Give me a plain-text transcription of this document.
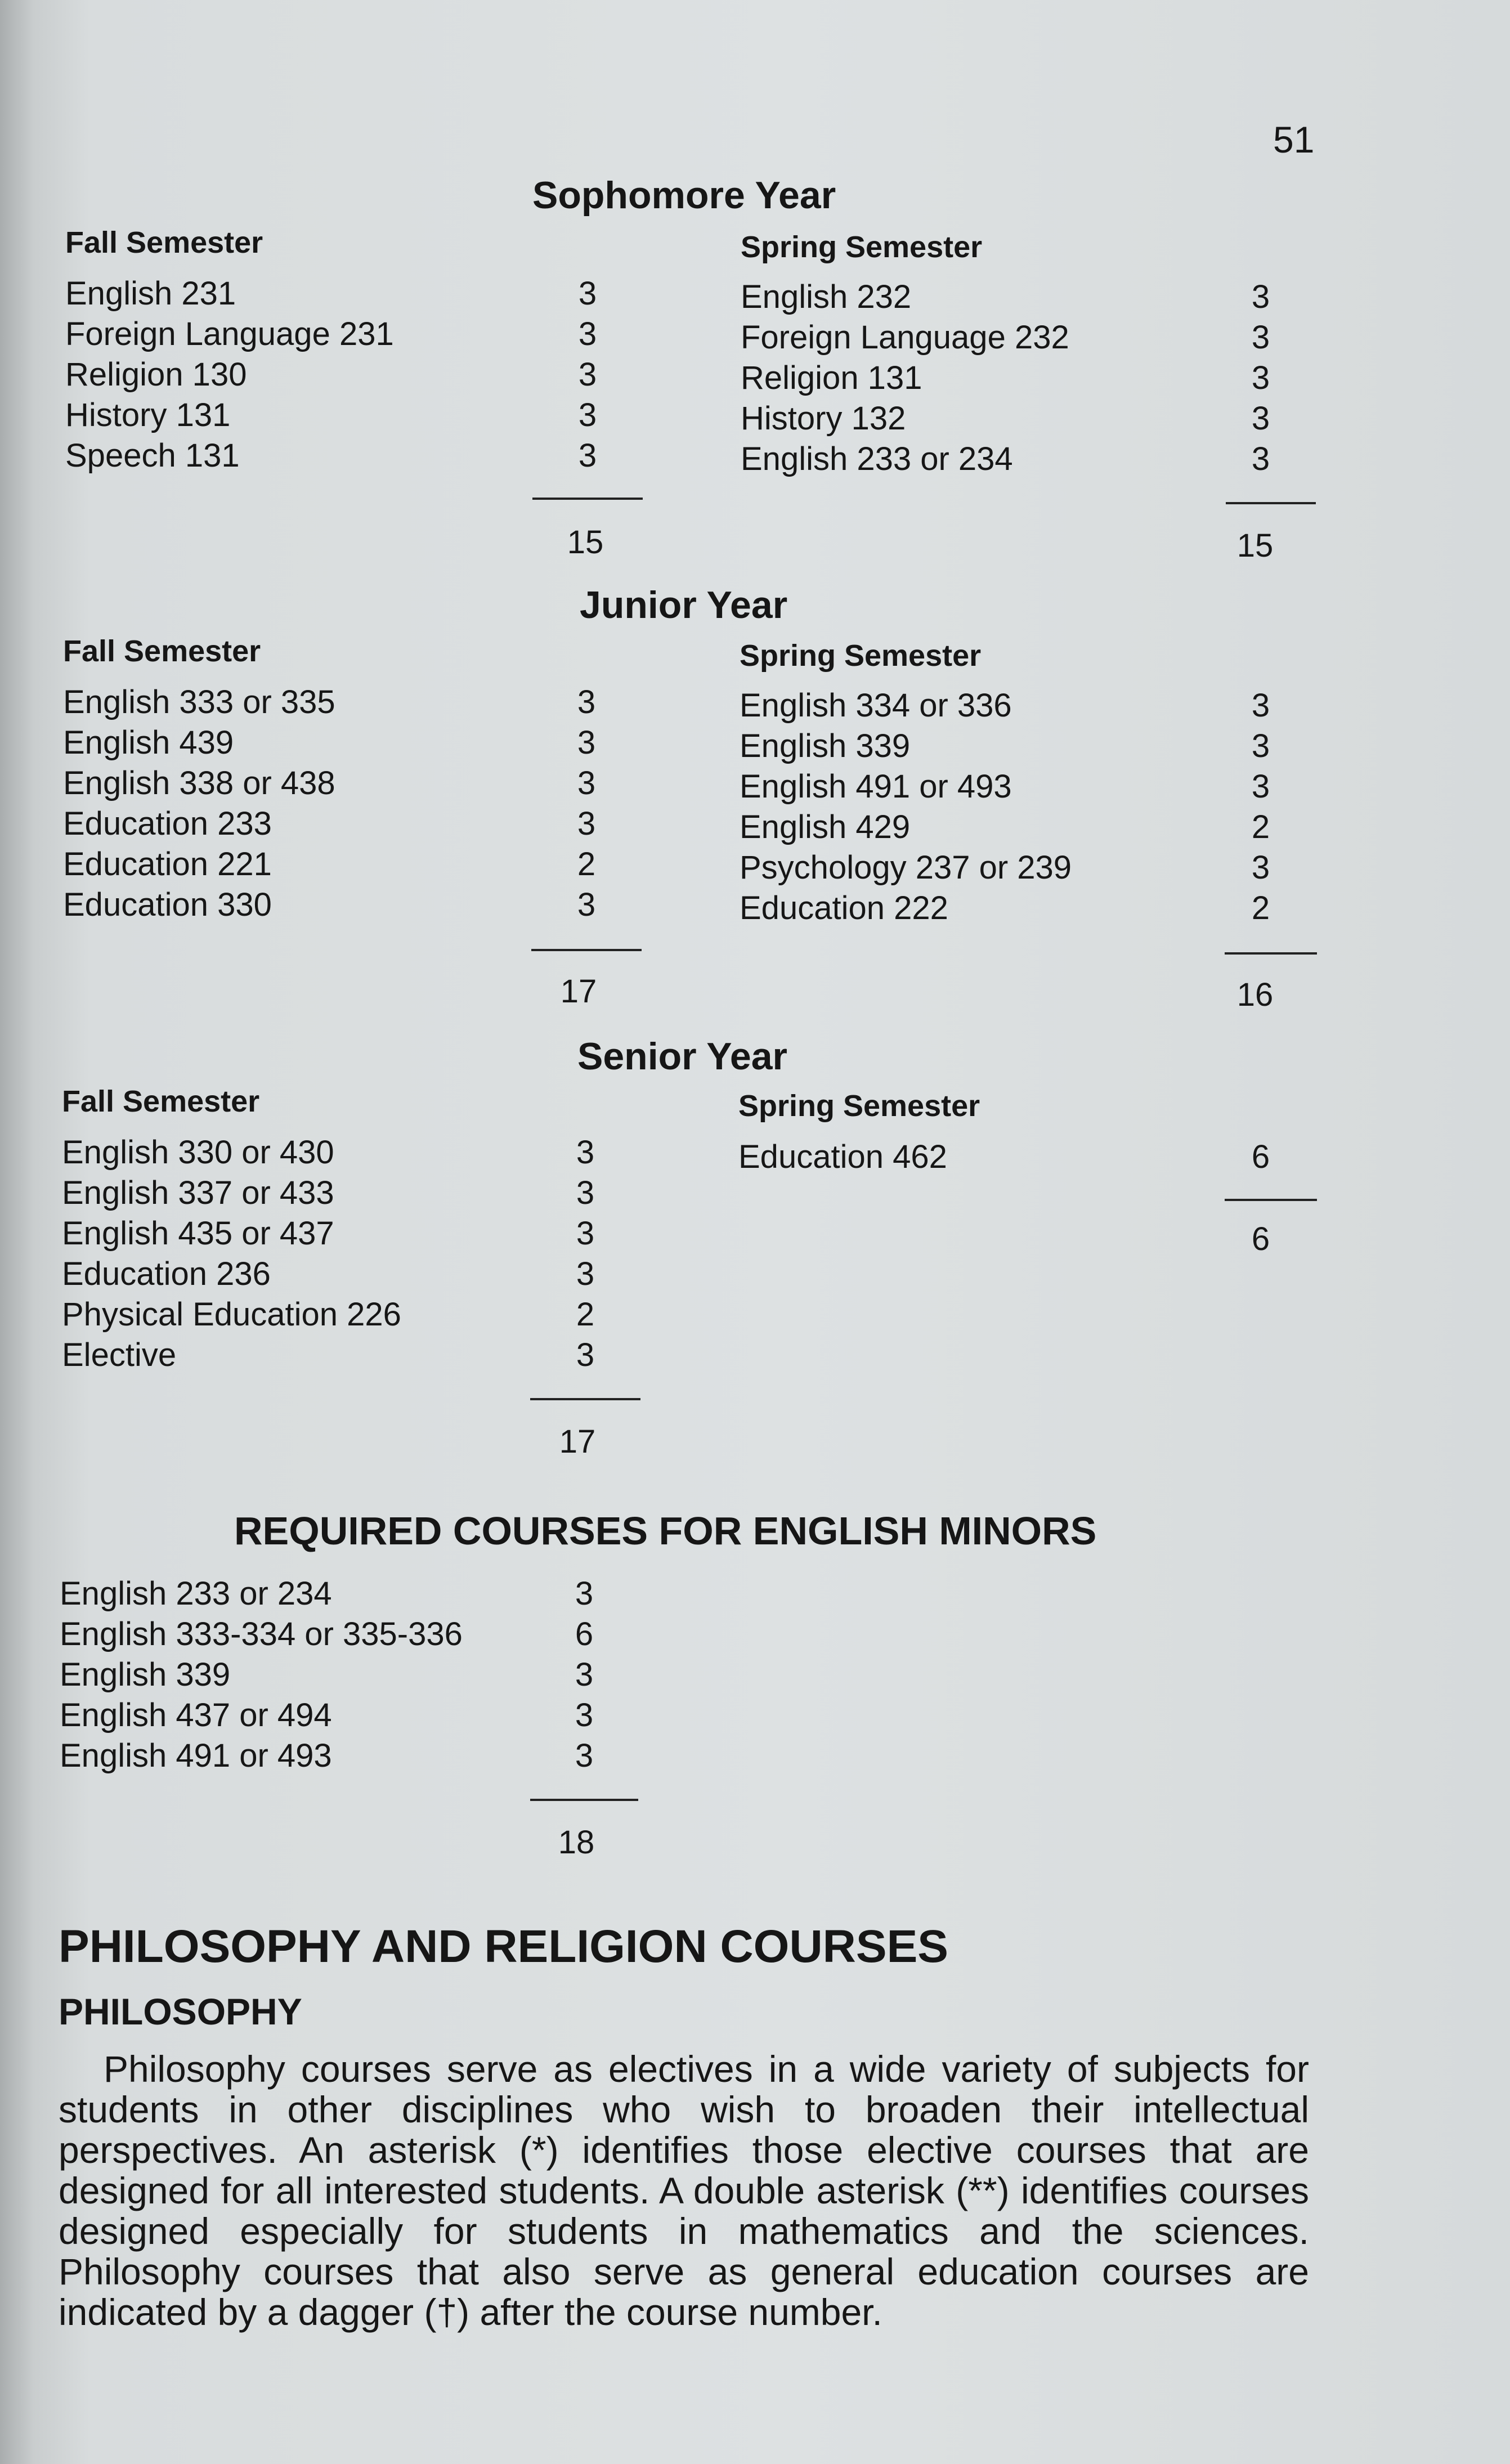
51
Sophomore Year
Fall Semester	Spring Semester
English 231	3
Foreign Language 231	3
Religion 130	3
History 131	3
Speech 131	3
15
English 232	3
Foreign Language 232	3
Religion 131	3
History 132	3
English 233 or 234	3
15
Junior Year
Fall Semester	Spring Semester
English 333 or 335	3
English 439	3
English 338 or 438	3
Education 233	3
Education 221	2
Education 330	3
17
English 334 or 336	3
English 339	3
English 491 or 493	3
English 429	2
Psychology 237 or 239	3
Education 222	2
16
Senior Year
Fall Semester	Spring Semester
English 330 or 430	3
English 337 or 433	3
English 435 or 437	3
Education 236	3
Physical Education 226	2
Elective	3
17
Education 462	6
6
REQUIRED COURSES FOR ENGLISH MINORS
English 233 or 234	3
English 333-334 or 335-336	6
English 339	3
English 437 or 494	3
English 491 or 493	3
18
PHILOSOPHY AND RELIGION COURSES
PHILOSOPHY
Philosophy courses serve as electives in a wide variety of subjects for students in other disciplines who wish to broaden their intellectual perspectives. An asterisk (*) identifies those elective courses that are designed for all interested students. A double asterisk (**) identifies courses designed especially for students in mathematics and the sciences. Philosophy courses that also serve as general education courses are indicated by a dagger (†) after the course number.
